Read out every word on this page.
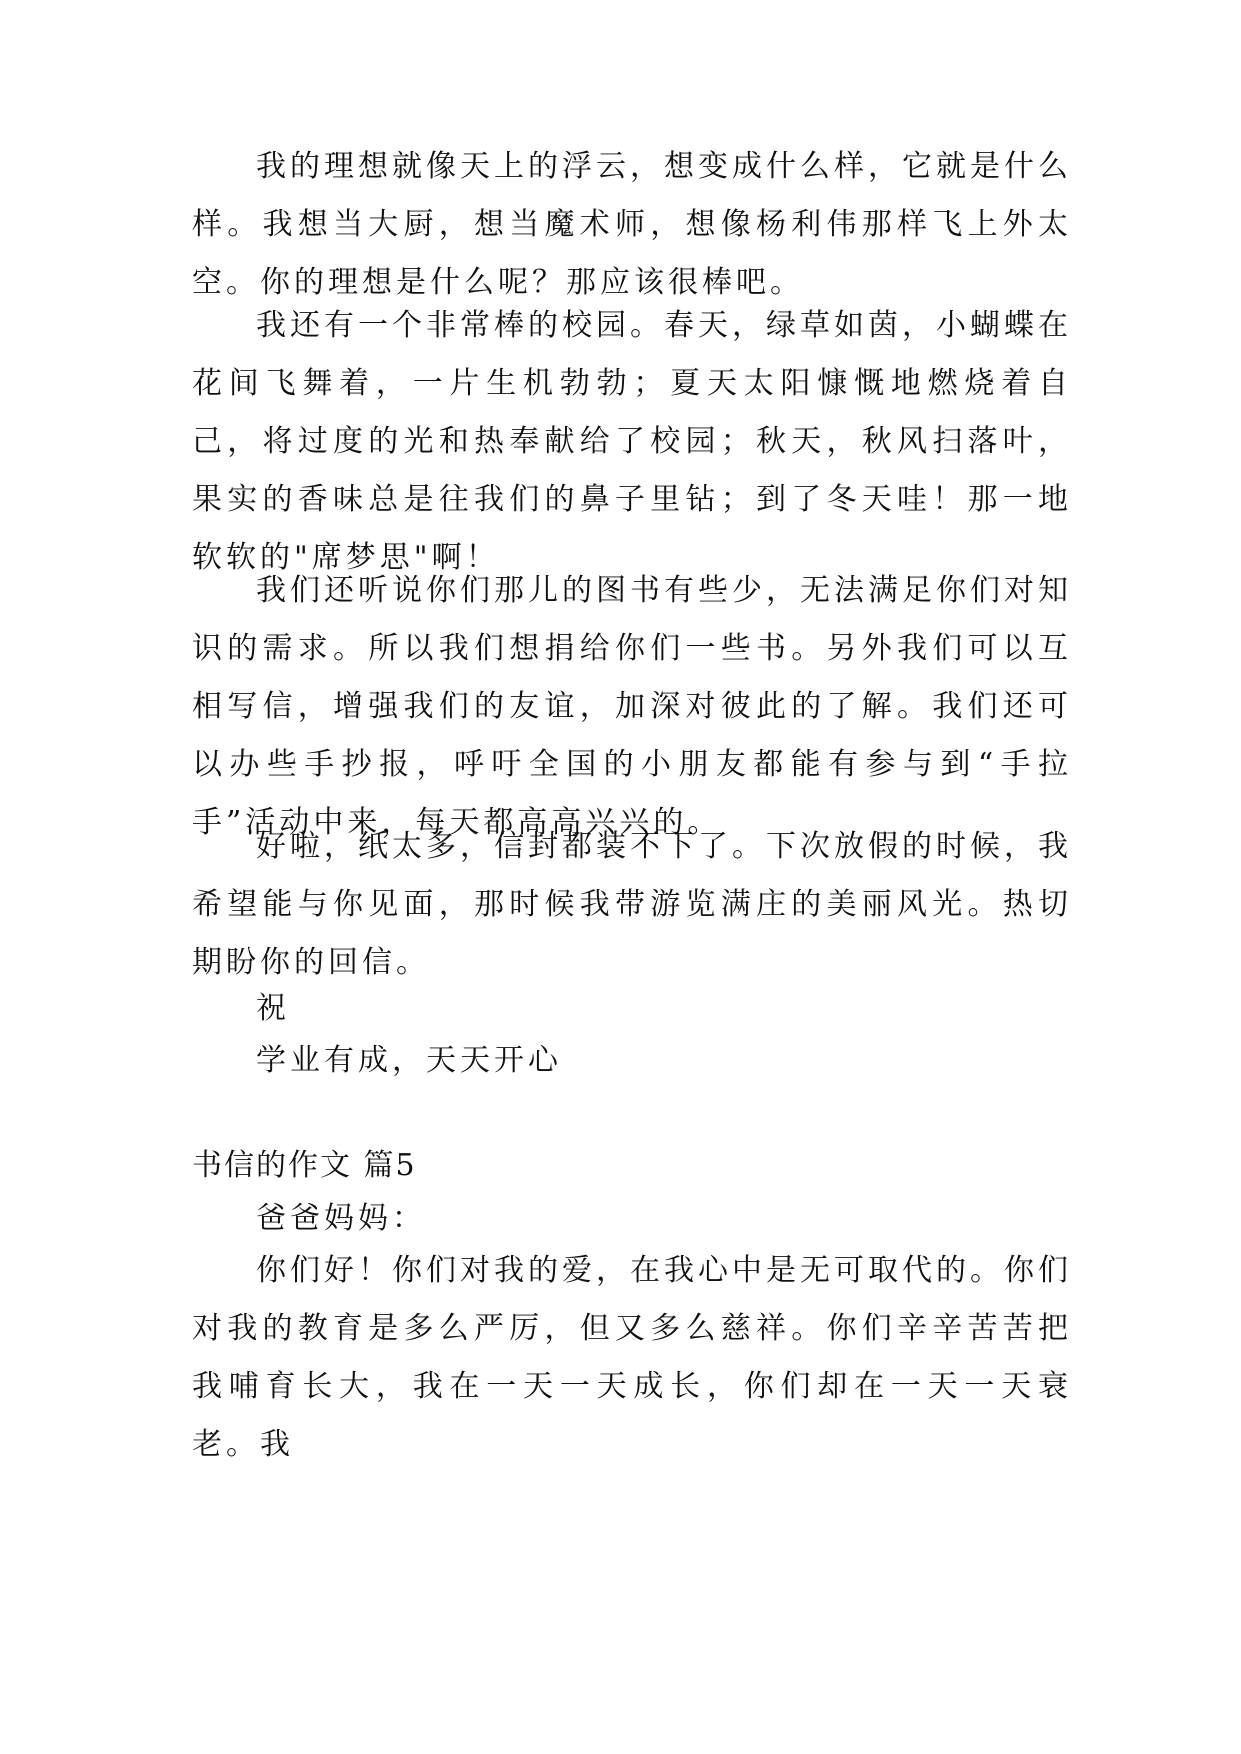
我的理想就像天上的浮云，想变成什么样，它就是什么样。我想当大厨，想当魔术师，想像杨利伟那样飞上外太空。你的理想是什么呢？那应该很棒吧。

我还有一个非常棒的校园。春天，绿草如茵，小蝴蝶在花间飞舞着，一片生机勃勃；夏天太阳慷慨地燃烧着自己，将过度的光和热奉献给了校园；秋天，秋风扫落叶，果实的香味总是往我们的鼻子里钻；到了冬天哇！那一地软软的"席梦思"啊！

我们还听说你们那儿的图书有些少，无法满足你们对知识的需求。所以我们想捐给你们一些书。另外我们可以互相写信，增强我们的友谊，加深对彼此的了解。我们还可以办些手抄报，呼吁全国的小朋友都能有参与到“手拉手”活动中来，每天都高高兴兴的。

好啦，纸太多，信封都装不下了。下次放假的时候，我希望能与你见面，那时候我带游览满庄的美丽风光。热切期盼你的回信。

祝
学业有成，天天开心
书信的作文 篇5
爸爸妈妈：

你们好！你们对我的爱，在我心中是无可取代的。你们对我的教育是多么严厉，但又多么慈祥。你们辛辛苦苦把我哺育长大，我在一天一天成长，你们却在一天一天衰老。我
